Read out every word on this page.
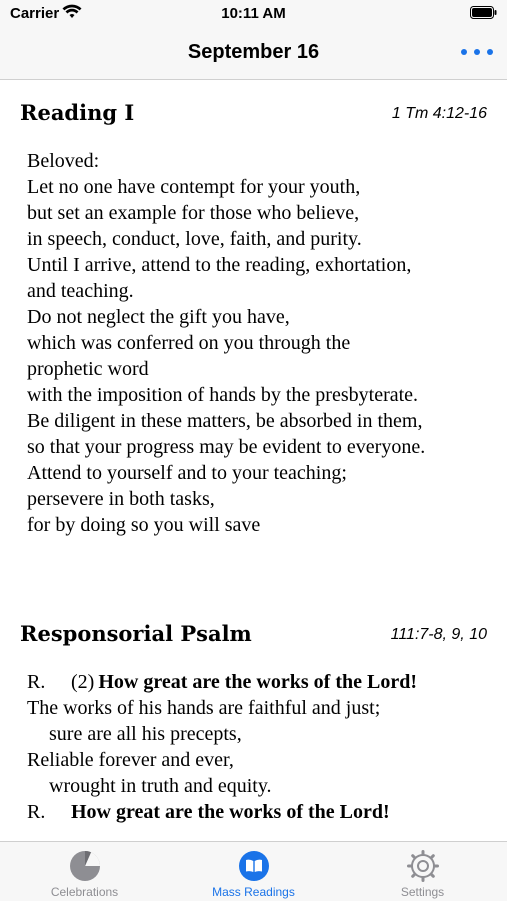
Carrier	10:11 AM
September 16
Reading I	1 Tm 4:12-16
Beloved:
Let no one have contempt for your youth,
but set an example for those who believe,
in speech, conduct, love, faith, and purity.
Until I arrive, attend to the reading, exhortation,
and teaching.
Do not neglect the gift you have,
which was conferred on you through the
prophetic word
with the imposition of hands by the presbyterate.
Be diligent in these matters, be absorbed in them,
so that your progress may be evident to everyone.
Attend to yourself and to your teaching;
persevere in both tasks,
for by doing so you will save
Responsorial Psalm	111:7-8, 9, 10
R. (2) How great are the works of the Lord!
The works of his hands are faithful and just;
sure are all his precepts,
Reliable forever and ever,
wrought in truth and equity.
R. How great are the works of the Lord!
Celebrations	Mass Readings	Settings
